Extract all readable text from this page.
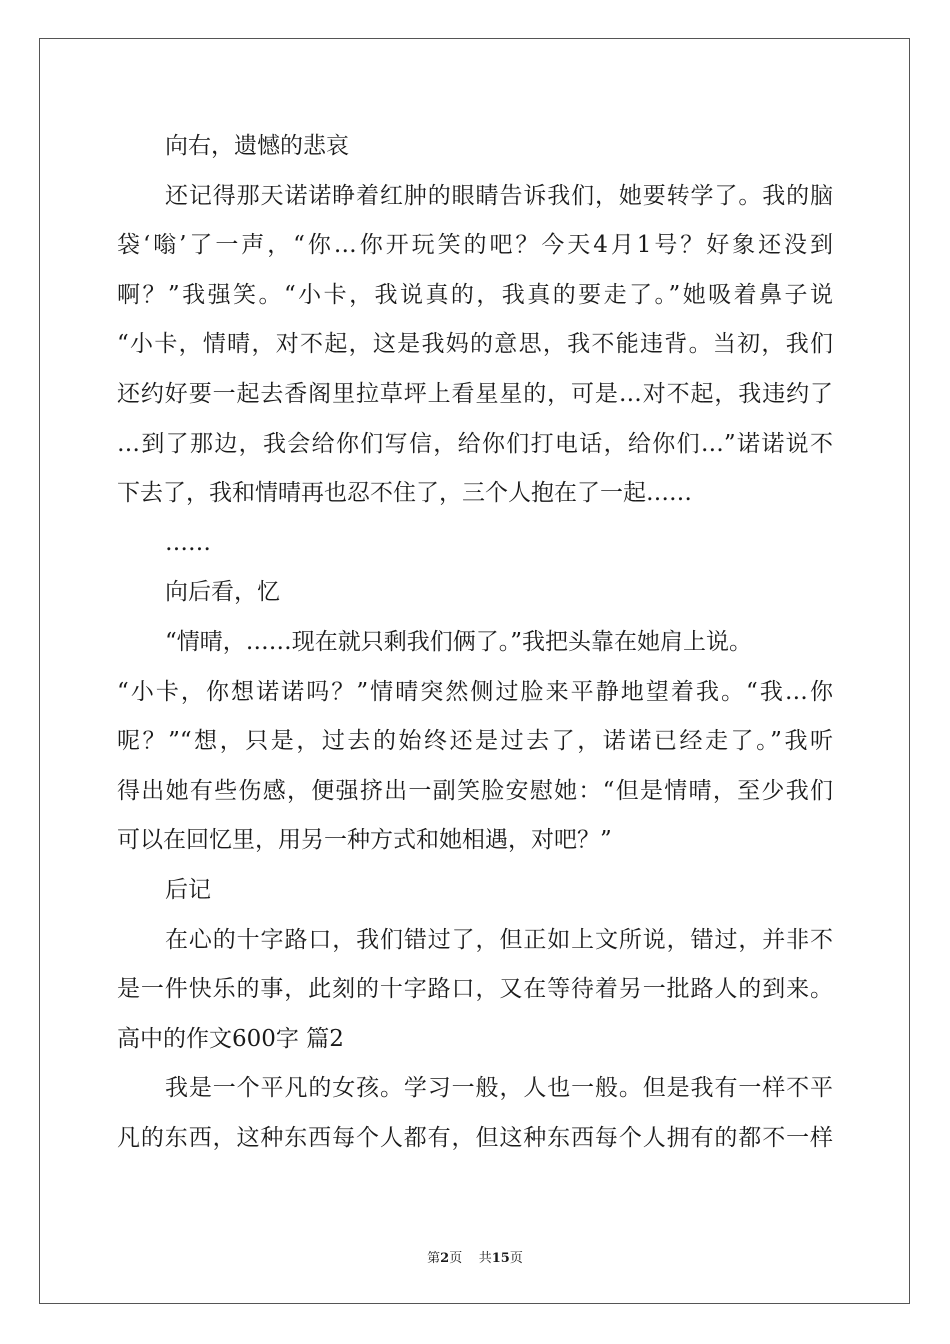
向右，遗憾的悲哀
还记得那天诺诺睁着红肿的眼睛告诉我们，她要转学了。我的脑
袋‘嗡’了一声，“你…你开玩笑的吧？今天4月1号？好象还没到
啊？”我强笑。“小卡，我说真的，我真的要走了。”她吸着鼻子说
“小卡，情晴，对不起，这是我妈的意思，我不能违背。当初，我们
还约好要一起去香阁里拉草坪上看星星的，可是…对不起，我违约了
…到了那边，我会给你们写信，给你们打电话，给你们…”诺诺说不
下去了，我和情晴再也忍不住了，三个人抱在了一起……
……
向后看，忆
“情晴，……现在就只剩我们俩了。”我把头靠在她肩上说。
“小卡，你想诺诺吗？”情晴突然侧过脸来平静地望着我。“我…你
呢？”“想，只是，过去的始终还是过去了，诺诺已经走了。”我听
得出她有些伤感，便强挤出一副笑脸安慰她：“但是情晴，至少我们
可以在回忆里，用另一种方式和她相遇，对吧？”
后记
在心的十字路口，我们错过了，但正如上文所说，错过，并非不
是一件快乐的事，此刻的十字路口，又在等待着另一批路人的到来。
高中的作文600字 篇2
我是一个平凡的女孩。学习一般，人也一般。但是我有一样不平
凡的东西，这种东西每个人都有，但这种东西每个人拥有的都不一样
第2页    共15页
